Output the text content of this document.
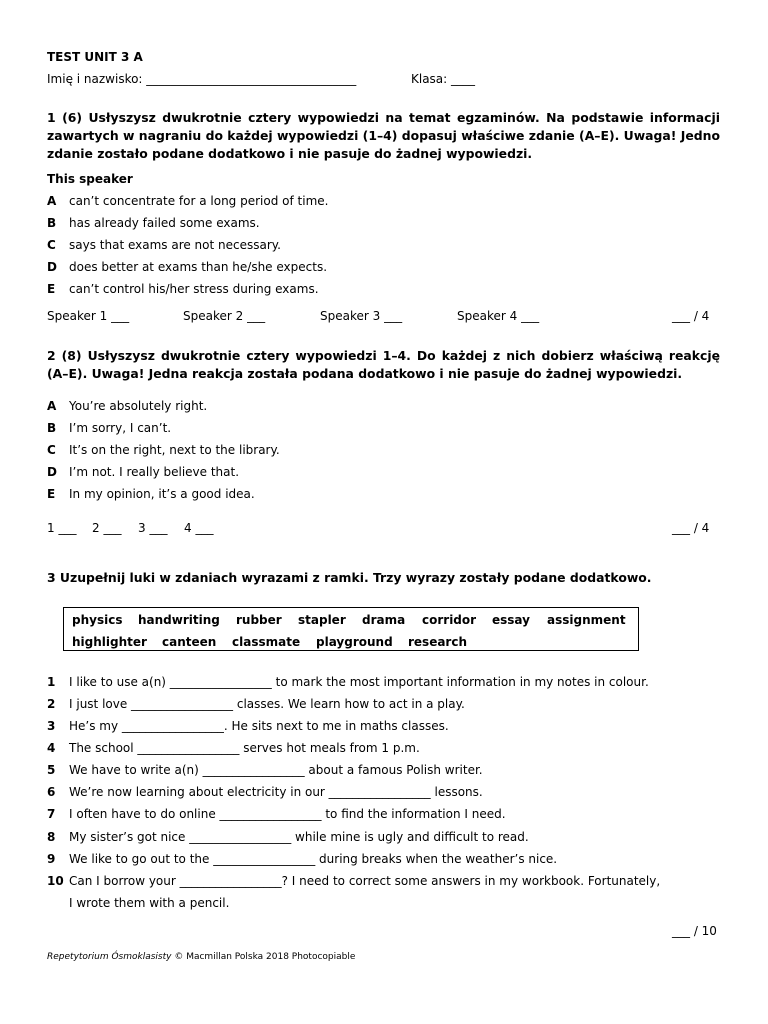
TEST UNIT 3 A
Imię i nazwisko: ___________________________________	Klasa: ____
1 (6) Usłyszysz dwukrotnie cztery wypowiedzi na temat egzaminów. Na podstawie informacji zawartych w nagraniu do każdej wypowiedzi (1–4) dopasuj właściwe zdanie (A–E). Uwaga! Jedno zdanie zostało podane dodatkowo i nie pasuje do żadnej wypowiedzi.
This speaker
A can’t concentrate for a long period of time.
B has already failed some exams.
C says that exams are not necessary.
D does better at exams than he/she expects.
E can’t control his/her stress during exams.
Speaker 1 ___	Speaker 2 ___	Speaker 3 ___	Speaker 4 ___	___ / 4
2 (8) Usłyszysz dwukrotnie cztery wypowiedzi 1–4. Do każdej z nich dobierz właściwą reakcję (A–E). Uwaga! Jedna reakcja została podana dodatkowo i nie pasuje do żadnej wypowiedzi.
A You’re absolutely right.
B I’m sorry, I can’t.
C It’s on the right, next to the library.
D I’m not. I really believe that.
E In my opinion, it’s a good idea.
1 ___ 2 ___ 3 ___ 4 ___	___ / 4
3 Uzupełnij luki w zdaniach wyrazami z ramki. Trzy wyrazy zostały podane dodatkowo.
physics handwriting rubber stapler drama corridor essay assignment
highlighter canteen classmate playground research
1 I like to use a(n) _________________ to mark the most important information in my notes in colour.
2 I just love _________________ classes. We learn how to act in a play.
3 He’s my _________________. He sits next to me in maths classes.
4 The school _________________ serves hot meals from 1 p.m.
5 We have to write a(n) _________________ about a famous Polish writer.
6 We’re now learning about electricity in our _________________ lessons.
7 I often have to do online _________________ to find the information I need.
8 My sister’s got nice _________________ while mine is ugly and difficult to read.
9 We like to go out to the _________________ during breaks when the weather’s nice.
10 Can I borrow your _________________? I need to correct some answers in my workbook. Fortunately,
I wrote them with a pencil.
___ / 10
Repetytorium Ósmoklasisty © Macmillan Polska 2018 Photocopiable
